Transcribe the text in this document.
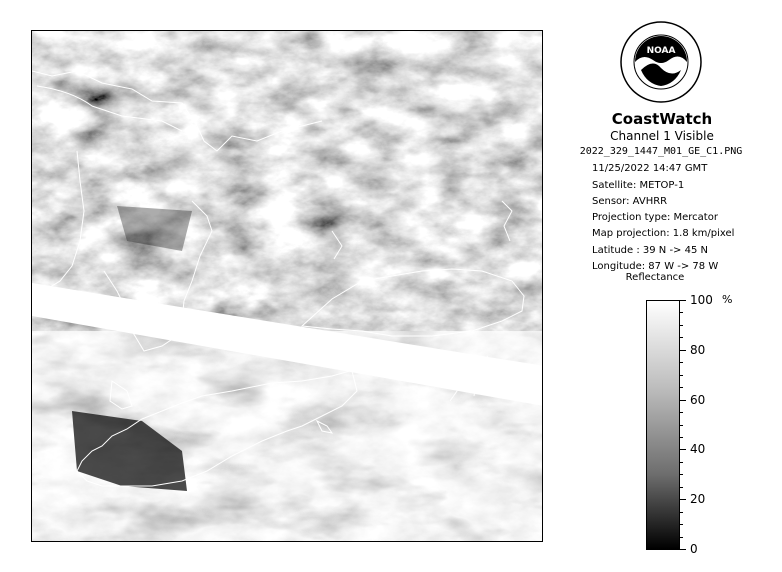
NOAA
CoastWatch
Channel 1 Visible
2022_329_1447_M01_GE_C1.PNG
11/25/2022 14:47 GMT
Satellite: METOP-1
Sensor: AVHRR
Projection type: Mercator
Map projection: 1.8 km/pixel
Latitude : 39 N -> 45 N
Longitude: 87 W -> 78 W
Reflectance
%
100
80
60
40
20
0
